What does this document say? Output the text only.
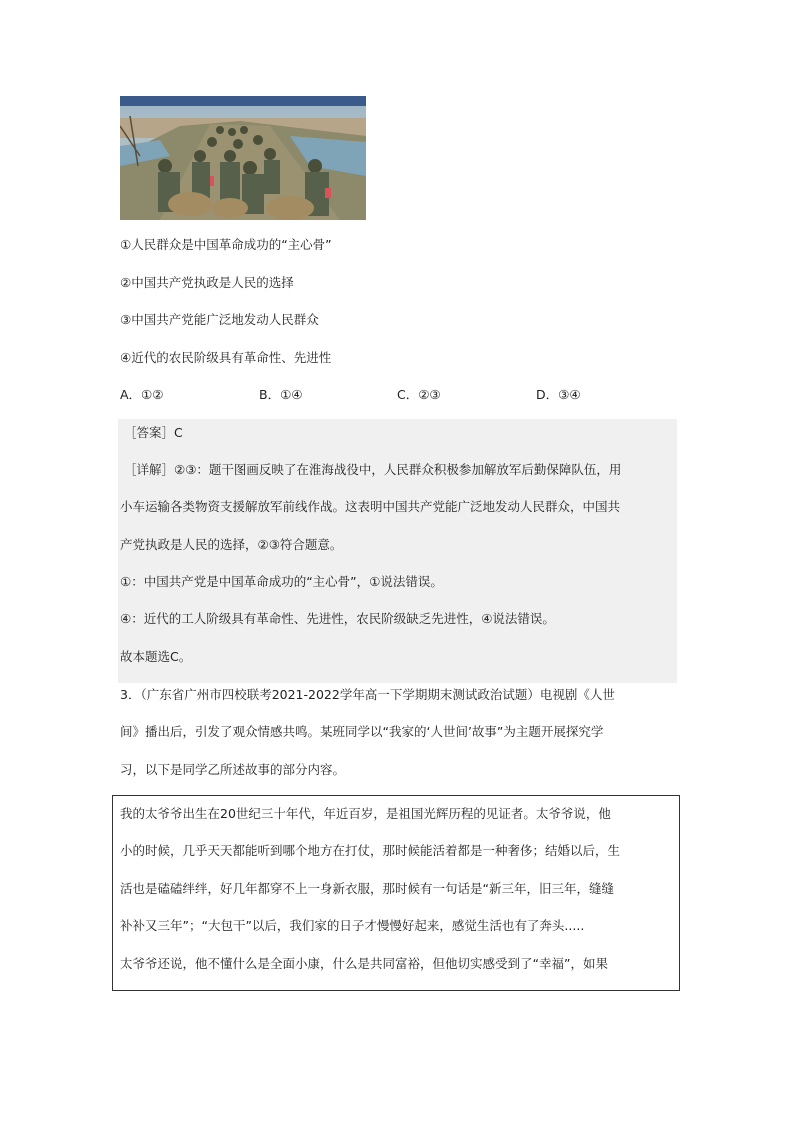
①人民群众是中国革命成功的“主心骨”
②中国共产党执政是人民的选择
③中国共产党能广泛地发动人民群众
④近代的农民阶级具有革命性、先进性
A．①②	B．①④	C．②③	D．③④
［答案］C
［详解］②③：题干图画反映了在淮海战役中，人民群众积极参加解放军后勤保障队伍，用
小车运输各类物资支援解放军前线作战。这表明中国共产党能广泛地发动人民群众，中国共
产党执政是人民的选择，②③符合题意。
①：中国共产党是中国革命成功的“主心骨”，①说法错误。
④：近代的工人阶级具有革命性、先进性，农民阶级缺乏先进性，④说法错误。
故本题选C。
3．（广东省广州市四校联考2021-2022学年高一下学期期末测试政治试题）电视剧《人世
间》播出后，引发了观众情感共鸣。某班同学以“我家的‘人世间’故事”为主题开展探究学
习，以下是同学乙所述故事的部分内容。
我的太爷爷出生在20世纪三十年代，年近百岁，是祖国光辉历程的见证者。太爷爷说，他
小的时候，几乎天天都能听到哪个地方在打仗，那时候能活着都是一种奢侈；结婚以后，生
活也是磕磕绊绊，好几年都穿不上一身新衣服，那时候有一句话是“新三年，旧三年，缝缝
补补又三年”；“大包干”以后，我们家的日子才慢慢好起来，感觉生活也有了奔头.....
太爷爷还说，他不懂什么是全面小康，什么是共同富裕，但他切实感受到了“幸福”，如果
